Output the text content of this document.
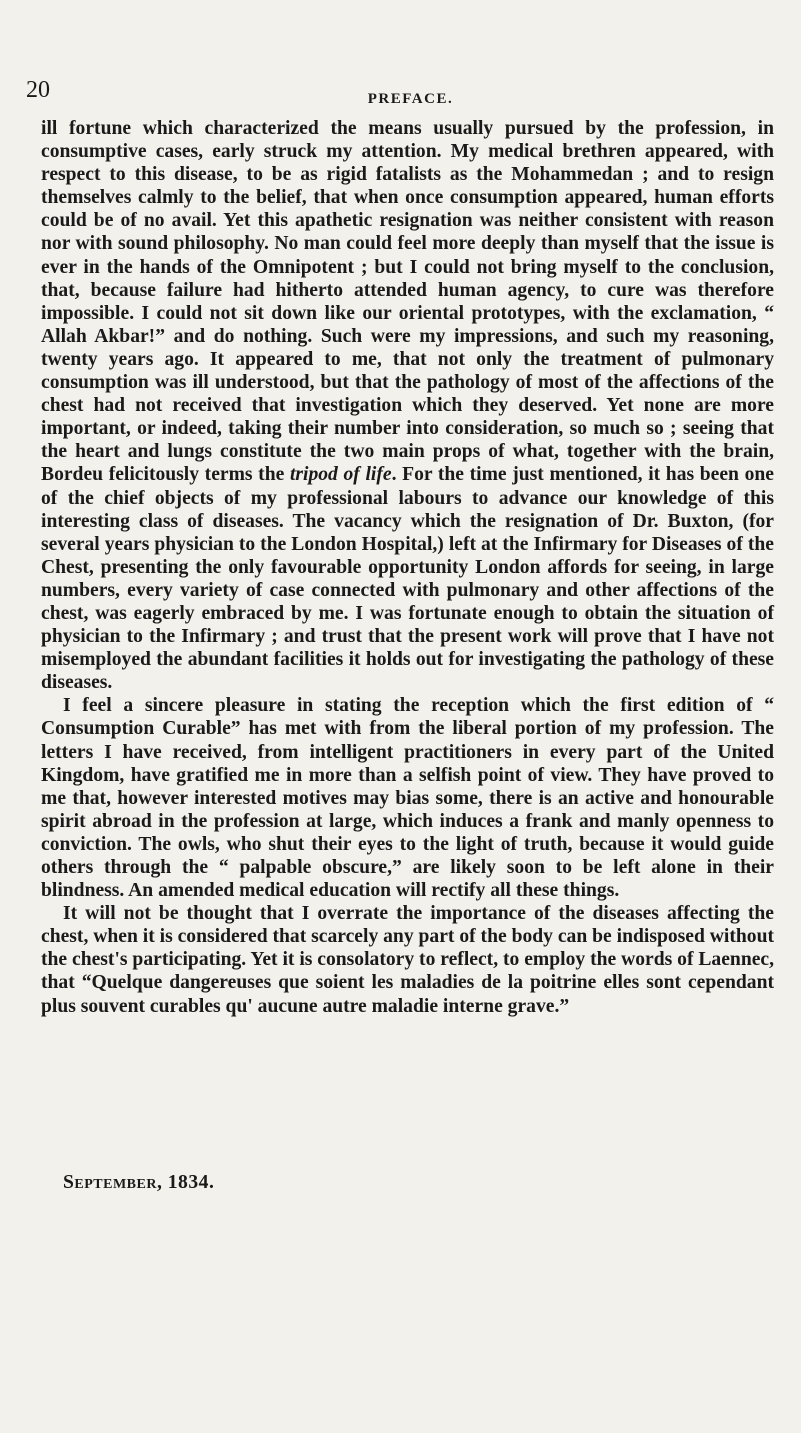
20	PREFACE.

ill fortune which characterized the means usually pursued by the profession, in consumptive cases, early struck my attention. My medical brethren appeared, with respect to this disease, to be as rigid fatalists as the Mohammedan ; and to resign themselves calmly to the belief, that when once consumption appeared, human efforts could be of no avail. Yet this apathetic resignation was neither consistent with reason nor with sound philosophy. No man could feel more deeply than myself that the issue is ever in the hands of the Omnipotent ; but I could not bring myself to the conclusion, that, because failure had hitherto attended human agency, to cure was therefore impossible. I could not sit down like our oriental prototypes, with the exclamation, “ Allah Akbar!” and do nothing. Such were my impressions, and such my reasoning, twenty years ago. It appeared to me, that not only the treatment of pulmonary consumption was ill understood, but that the pathology of most of the affections of the chest had not received that investigation which they deserved. Yet none are more important, or indeed, taking their number into consideration, so much so ; seeing that the heart and lungs constitute the two main props of what, together with the brain, Bordeu felicitously terms the tripod of life. For the time just mentioned, it has been one of the chief objects of my professional labours to advance our knowledge of this interesting class of diseases. The vacancy which the resignation of Dr. Buxton, (for several years physician to the London Hospital,) left at the Infirmary for Diseases of the Chest, presenting the only favourable opportunity London affords for seeing, in large numbers, every variety of case connected with pulmonary and other affections of the chest, was eagerly embraced by me. I was fortunate enough to obtain the situation of physician to the Infirmary ; and trust that the present work will prove that I have not misemployed the abundant facilities it holds out for investigating the pathology of these diseases.

I feel a sincere pleasure in stating the reception which the first edition of “ Consumption Curable” has met with from the liberal portion of my profession. The letters I have received, from intelligent practitioners in every part of the United Kingdom, have gratified me in more than a selfish point of view. They have proved to me that, however interested motives may bias some, there is an active and honourable spirit abroad in the profession at large, which induces a frank and manly openness to conviction. The owls, who shut their eyes to the light of truth, because it would guide others through the “ palpable obscure,” are likely soon to be left alone in their blindness. An amended medical education will rectify all these things.

It will not be thought that I overrate the importance of the diseases affecting the chest, when it is considered that scarcely any part of the body can be indisposed without the chest's participating. Yet it is consolatory to reflect, to employ the words of Laennec, that “Quelque dangereuses que soient les maladies de la poitrine elles sont cependant plus souvent curables qu' aucune autre maladie interne grave.”

September, 1834.
